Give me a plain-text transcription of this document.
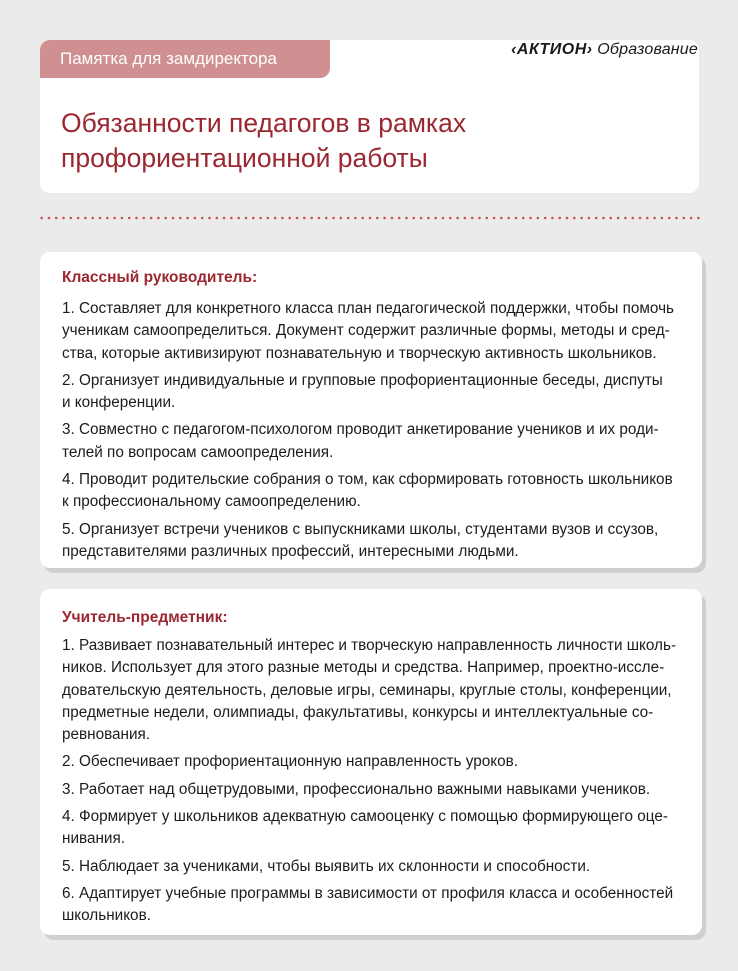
Памятка для замдиректора	‹АКТИОН› Образование
Обязанности педагогов в рамках
профориентационной работы
Классный руководитель:
1. Составляет для конкретного класса план педагогической поддержки, чтобы помочь
ученикам самоопределиться. Документ содержит различные формы, методы и сред-
ства, которые активизируют познавательную и творческую активность школьников.
2. Организует индивидуальные и групповые профориентационные беседы, диспуты
и конференции.
3. Совместно с педагогом-психологом проводит анкетирование учеников и их роди-
телей по вопросам самоопределения.
4. Проводит родительские собрания о том, как сформировать готовность школьников
к профессиональному самоопределению.
5. Организует встречи учеников с выпускниками школы, студентами вузов и ссузов,
представителями различных профессий, интересными людьми.
Учитель-предметник:
1. Развивает познавательный интерес и творческую направленность личности школь-
ников. Использует для этого разные методы и средства. Например, проектно-иссле-
довательскую деятельность, деловые игры, семинары, круглые столы, конференции,
предметные недели, олимпиады, факультативы, конкурсы и интеллектуальные со-
ревнования.
2. Обеспечивает профориентационную направленность уроков.
3. Работает над общетрудовыми, профессионально важными навыками учеников.
4. Формирует у школьников адекватную самооценку с помощью формирующего оце-
нивания.
5. Наблюдает за учениками, чтобы выявить их склонности и способности.
6. Адаптирует учебные программы в зависимости от профиля класса и особенностей
школьников.
